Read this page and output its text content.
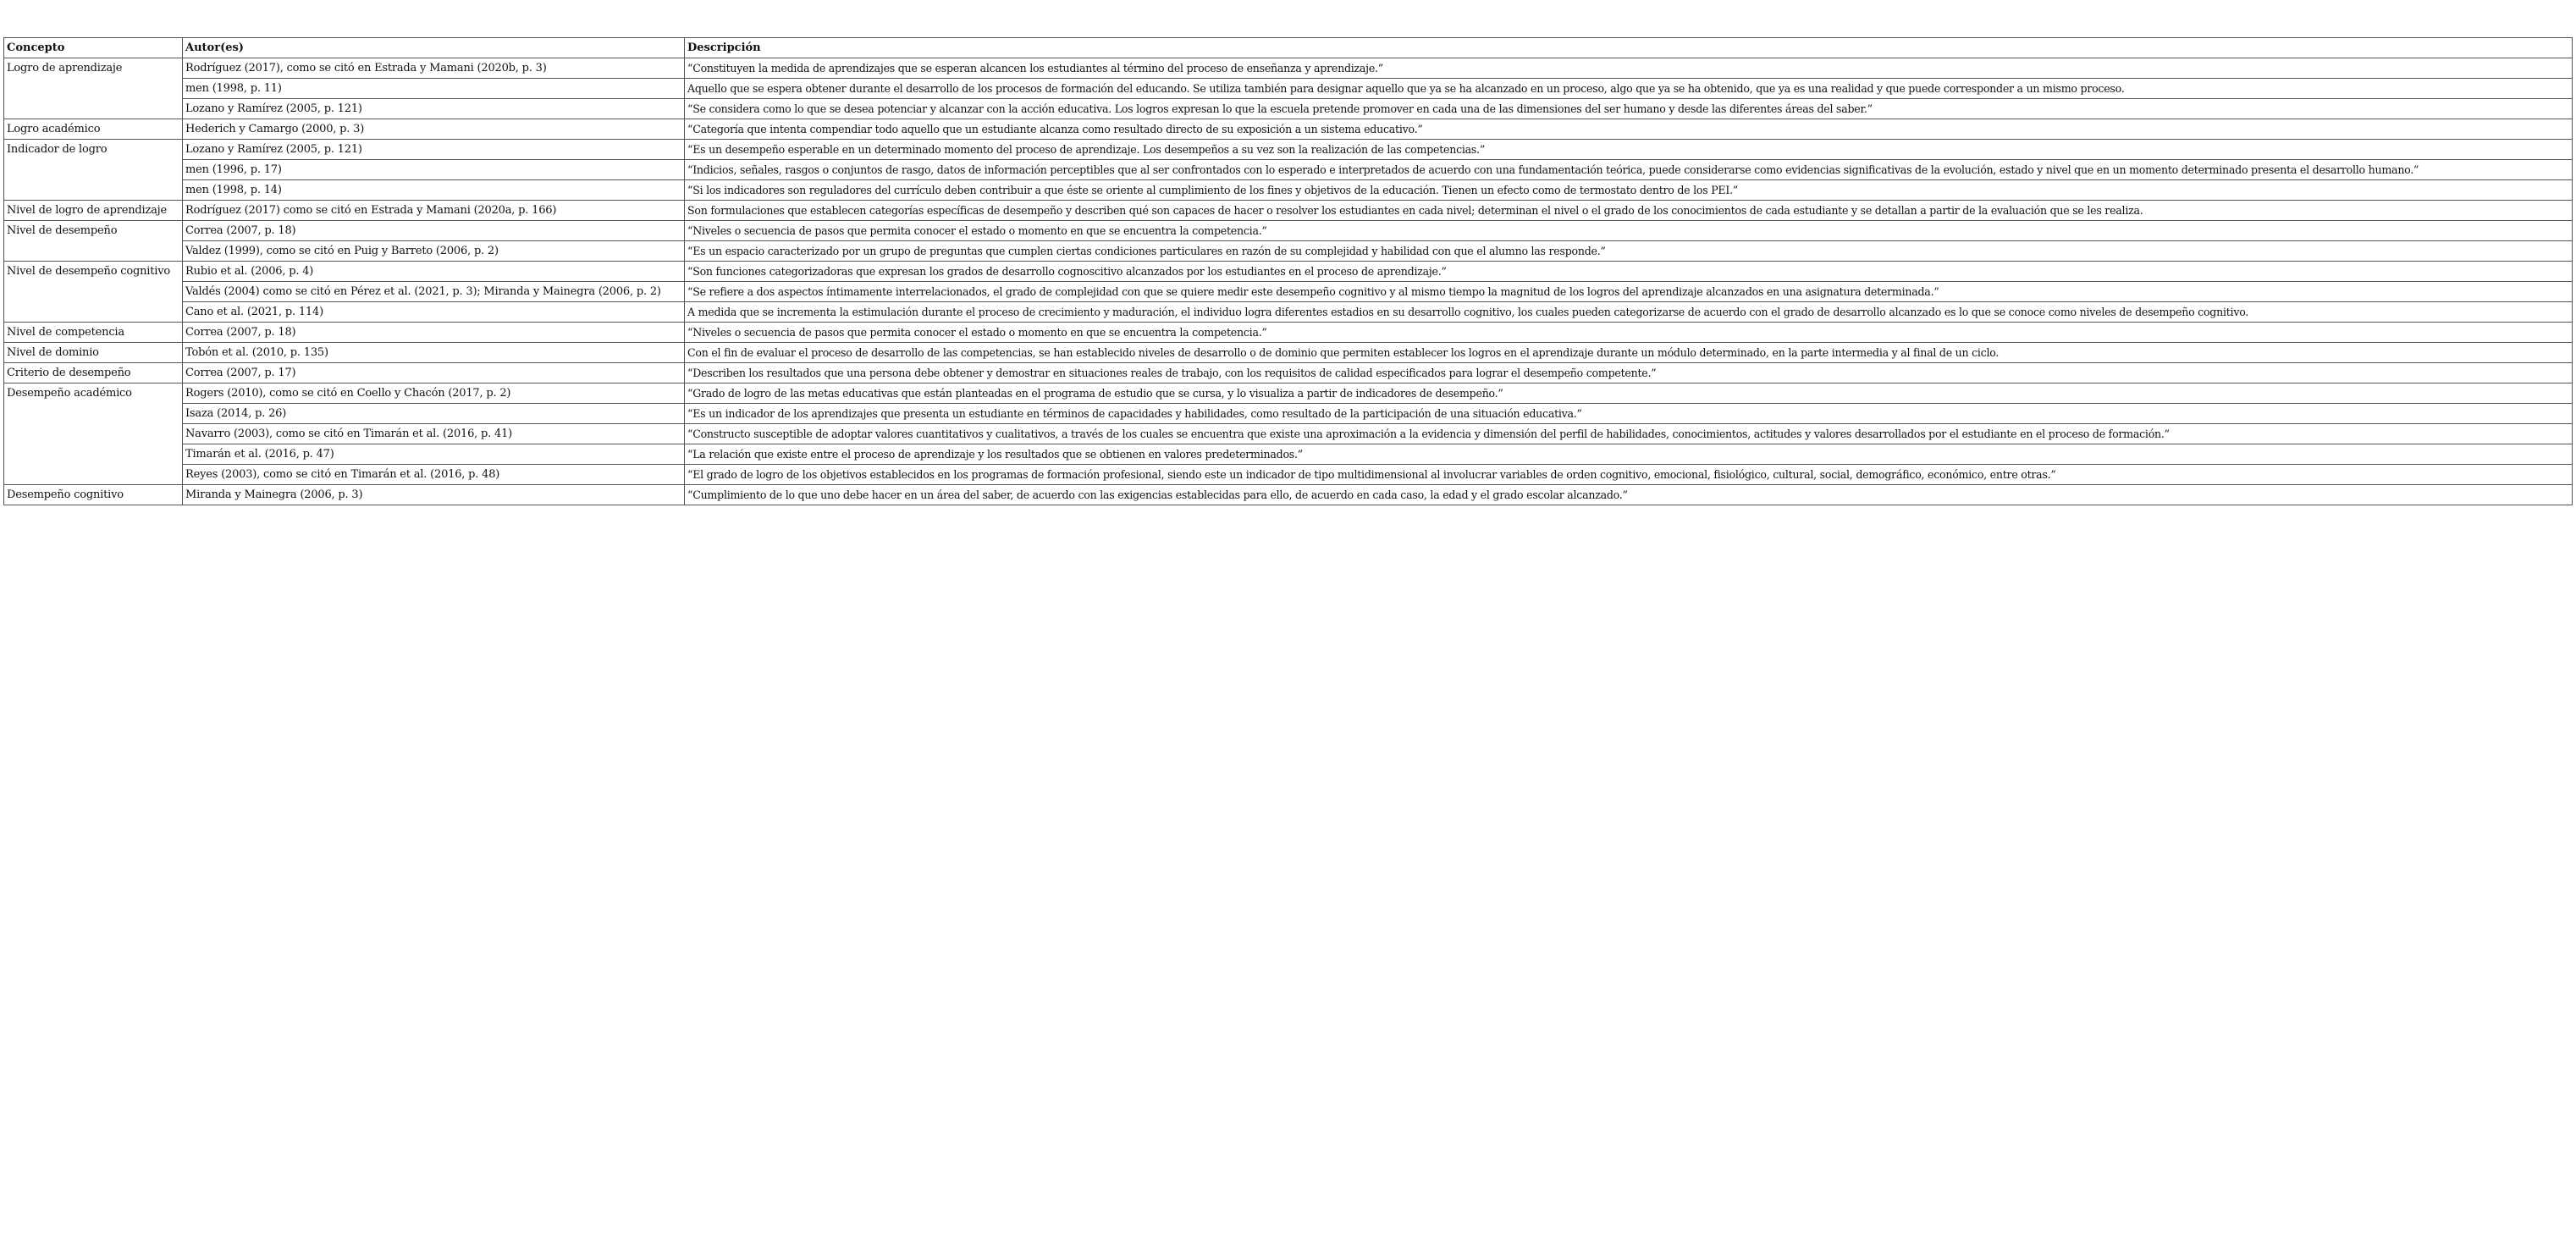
Concepto	Autor(es)	Descripción
Logro de aprendizaje	Rodríguez (2017), como se citó en Estrada y Mamani (2020b, p. 3)	“Constituyen la medida de aprendizajes que se esperan alcancen los estudiantes al término del proceso de enseñanza y aprendizaje.”
	men (1998, p. 11)	Aquello que se espera obtener durante el desarrollo de los procesos de formación del educando. Se utiliza también para designar aquello que ya se ha alcanzado en un proceso, algo que ya se ha obtenido, que ya es una realidad y que puede corresponder a un mismo proceso.
	Lozano y Ramírez (2005, p. 121)	“Se considera como lo que se desea potenciar y alcanzar con la acción educativa. Los logros expresan lo que la escuela pretende promover en cada una de las dimensiones del ser humano y desde las diferentes áreas del saber.”
Logro académico	Hederich y Camargo (2000, p. 3)	“Categoría que intenta compendiar todo aquello que un estudiante alcanza como resultado directo de su exposición a un sistema educativo.”
Indicador de logro	Lozano y Ramírez (2005, p. 121)	“Es un desempeño esperable en un determinado momento del proceso de aprendizaje. Los desempeños a su vez son la realización de las competencias.”
	men (1996, p. 17)	“Indicios, señales, rasgos o conjuntos de rasgo, datos de información perceptibles que al ser confrontados con lo esperado e interpretados de acuerdo con una fundamentación teórica, puede considerarse como evidencias significativas de la evolución, estado y nivel que en un momento determinado presenta el desarrollo humano.”
	men (1998, p. 14)	“Si los indicadores son reguladores del currículo deben contribuir a que éste se oriente al cumplimiento de los fines y objetivos de la educación. Tienen un efecto como de termostato dentro de los PEI.”
Nivel de logro de aprendizaje	Rodríguez (2017) como se citó en Estrada y Mamani (2020a, p. 166)	Son formulaciones que establecen categorías específicas de desempeño y describen qué son capaces de hacer o resolver los estudiantes en cada nivel; determinan el nivel o el grado de los conocimientos de cada estudiante y se detallan a partir de la evaluación que se les realiza.
Nivel de desempeño	Correa (2007, p. 18)	“Niveles o secuencia de pasos que permita conocer el estado o momento en que se encuentra la competencia.”
	Valdez (1999), como se citó en Puig y Barreto (2006, p. 2)	“Es un espacio caracterizado por un grupo de preguntas que cumplen ciertas condiciones particulares en razón de su complejidad y habilidad con que el alumno las responde.”
Nivel de desempeño cognitivo	Rubio et al. (2006, p. 4)	“Son funciones categorizadoras que expresan los grados de desarrollo cognoscitivo alcanzados por los estudiantes en el proceso de aprendizaje.”
	Valdés (2004) como se citó en Pérez et al. (2021, p. 3); Miranda y Mainegra (2006, p. 2)	“Se refiere a dos aspectos íntimamente interrelacionados, el grado de complejidad con que se quiere medir este desempeño cognitivo y al mismo tiempo la magnitud de los logros del aprendizaje alcanzados en una asignatura determinada.”
	Cano et al. (2021, p. 114)	A medida que se incrementa la estimulación durante el proceso de crecimiento y maduración, el individuo logra diferentes estadios en su desarrollo cognitivo, los cuales pueden categorizarse de acuerdo con el grado de desarrollo alcanzado es lo que se conoce como niveles de desempeño cognitivo.
Nivel de competencia	Correa (2007, p. 18)	“Niveles o secuencia de pasos que permita conocer el estado o momento en que se encuentra la competencia.”
Nivel de dominio	Tobón et al. (2010, p. 135)	Con el fin de evaluar el proceso de desarrollo de las competencias, se han establecido niveles de desarrollo o de dominio que permiten establecer los logros en el aprendizaje durante un módulo determinado, en la parte intermedia y al final de un ciclo.
Criterio de desempeño	Correa (2007, p. 17)	“Describen los resultados que una persona debe obtener y demostrar en situaciones reales de trabajo, con los requisitos de calidad especificados para lograr el desempeño competente.”
Desempeño académico	Rogers (2010), como se citó en Coello y Chacón (2017, p. 2)	“Grado de logro de las metas educativas que están planteadas en el programa de estudio que se cursa, y lo visualiza a partir de indicadores de desempeño.”
	Isaza (2014, p. 26)	“Es un indicador de los aprendizajes que presenta un estudiante en términos de capacidades y habilidades, como resultado de la participación de una situación educativa.”
	Navarro (2003), como se citó en Timarán et al. (2016, p. 41)	“Constructo susceptible de adoptar valores cuantitativos y cualitativos, a través de los cuales se encuentra que existe una aproximación a la evidencia y dimensión del perfil de habilidades, conocimientos, actitudes y valores desarrollados por el estudiante en el proceso de formación.”
	Timarán et al. (2016, p. 47)	“La relación que existe entre el proceso de aprendizaje y los resultados que se obtienen en valores predeterminados.”
	Reyes (2003), como se citó en Timarán et al. (2016, p. 48)	“El grado de logro de los objetivos establecidos en los programas de formación profesional, siendo este un indicador de tipo multidimensional al involucrar variables de orden cognitivo, emocional, fisiológico, cultural, social, demográfico, económico, entre otras.”
Desempeño cognitivo	Miranda y Mainegra (2006, p. 3)	“Cumplimiento de lo que uno debe hacer en un área del saber, de acuerdo con las exigencias establecidas para ello, de acuerdo en cada caso, la edad y el grado escolar alcanzado.”
